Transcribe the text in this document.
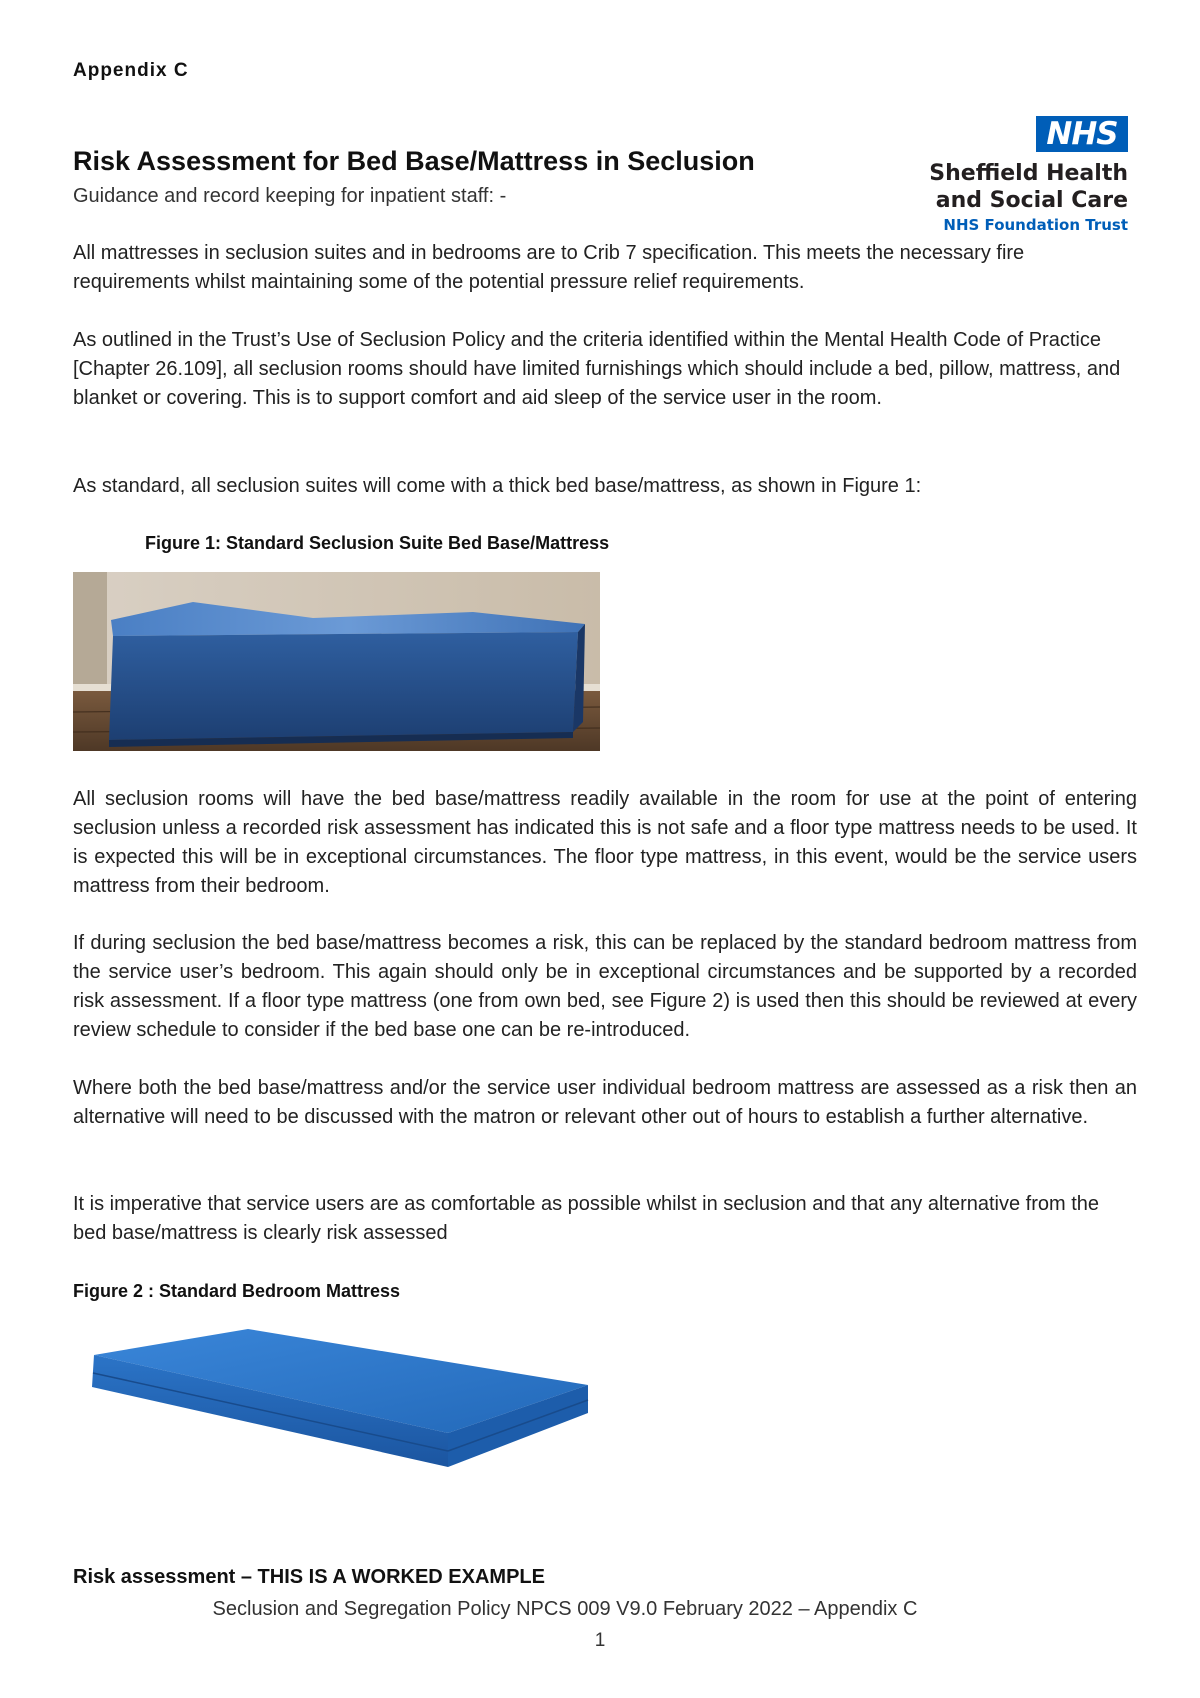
Appendix C
Risk Assessment for Bed Base/Mattress in Seclusion
Guidance and record keeping for inpatient staff: -
NHS
Sheffield Health
and Social Care
NHS Foundation Trust

All mattresses in seclusion suites and in bedrooms are to Crib 7 specification. This meets the necessary fire requirements whilst maintaining some of the potential pressure relief requirements.

As outlined in the Trust’s Use of Seclusion Policy and the criteria identified within the Mental Health Code of Practice [Chapter 26.109], all seclusion rooms should have limited furnishings which should include a bed, pillow, mattress, and blanket or covering. This is to support comfort and aid sleep of the service user in the room.

As standard, all seclusion suites will come with a thick bed base/mattress, as shown in Figure 1:

Figure 1: Standard Seclusion Suite Bed Base/Mattress

All seclusion rooms will have the bed base/mattress readily available in the room for use at the point of entering seclusion unless a recorded risk assessment has indicated this is not safe and a floor type mattress needs to be used. It is expected this will be in exceptional circumstances. The floor type mattress, in this event, would be the service users mattress from their bedroom.

If during seclusion the bed base/mattress becomes a risk, this can be replaced by the standard bedroom mattress from the service user’s bedroom. This again should only be in exceptional circumstances and be supported by a recorded risk assessment. If a floor type mattress (one from own bed, see Figure 2) is used then this should be reviewed at every review schedule to consider if the bed base one can be re-introduced.

Where both the bed base/mattress and/or the service user individual bedroom mattress are assessed as a risk then an alternative will need to be discussed with the matron or relevant other out of hours to establish a further alternative.

It is imperative that service users are as comfortable as possible whilst in seclusion and that any alternative from the bed base/mattress is clearly risk assessed

Figure 2 : Standard Bedroom Mattress
Risk assessment – THIS IS A WORKED EXAMPLE
Seclusion and Segregation Policy NPCS 009 V9.0 February 2022 – Appendix C
1
